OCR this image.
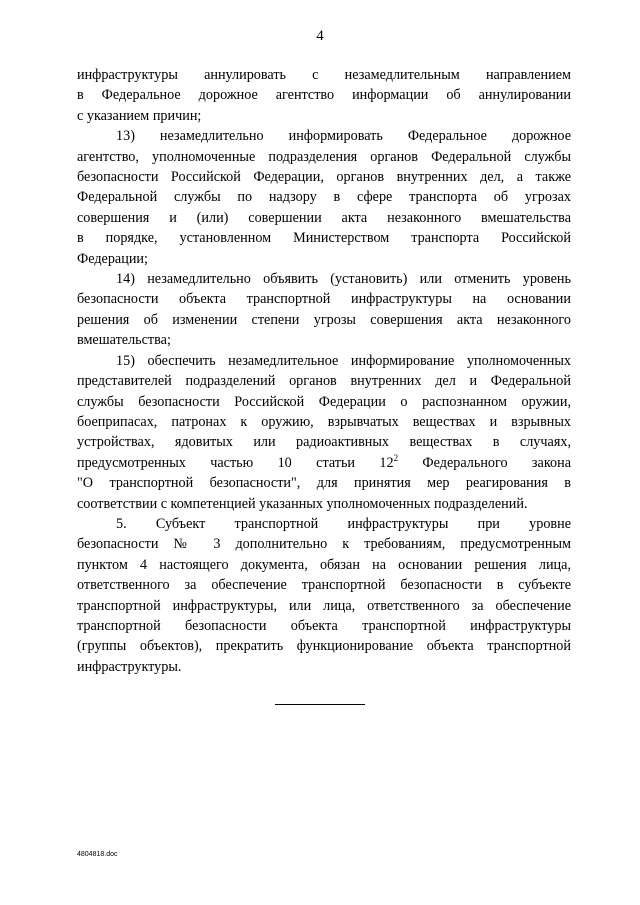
4

инфраструктуры аннулировать с незамедлительным направлением
в Федеральное дорожное агентство информации об аннулировании
с указанием причин;

13) незамедлительно информировать Федеральное дорожное
агентство, уполномоченные подразделения органов Федеральной службы
безопасности Российской Федерации, органов внутренних дел, а также
Федеральной службы по надзору в сфере транспорта об угрозах
совершения и (или) совершении акта незаконного вмешательства
в порядке, установленном Министерством транспорта Российской
Федерации;

14) незамедлительно объявить (установить) или отменить уровень
безопасности объекта транспортной инфраструктуры на основании
решения об изменении степени угрозы совершения акта незаконного
вмешательства;

15) обеспечить незамедлительное информирование уполномоченных
представителей подразделений органов внутренних дел и Федеральной
службы безопасности Российской Федерации о распознанном оружии,
боеприпасах, патронах к оружию, взрывчатых веществах и взрывных
устройствах, ядовитых или радиоактивных веществах в случаях,
предусмотренных частью 10 статьи $12^2$ Федерального закона
"О транспортной безопасности", для принятия мер реагирования в
соответствии с компетенцией указанных уполномоченных подразделений.

5. Субъект транспортной инфраструктуры при уровне
безопасности № 3 дополнительно к требованиям, предусмотренным
пунктом 4 настоящего документа, обязан на основании решения лица,
ответственного за обеспечение транспортной безопасности в субъекте
транспортной инфраструктуры, или лица, ответственного за обеспечение
транспортной безопасности объекта транспортной инфраструктуры
(группы объектов), прекратить функционирование объекта транспортной
инфраструктуры.

4804818.doc
